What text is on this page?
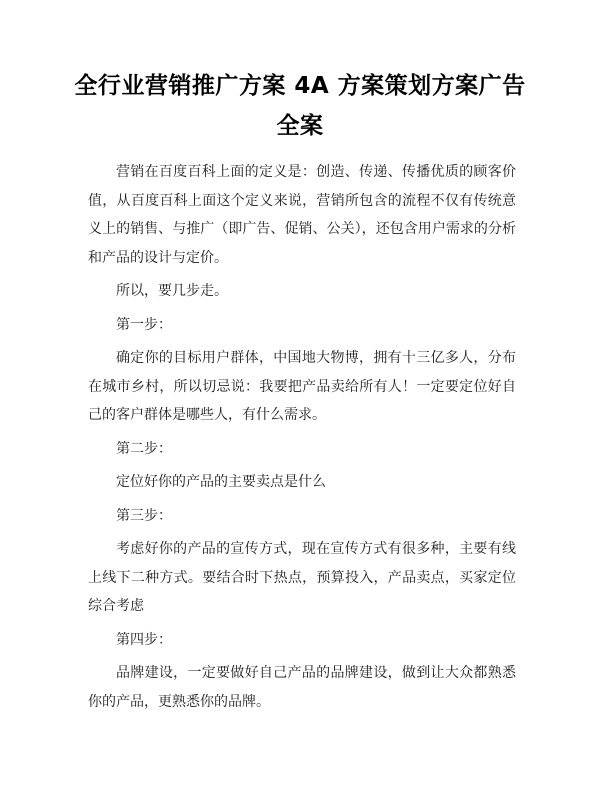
全行业营销推广方案 4A 方案策划方案广告全案

营销在百度百科上面的定义是：创造、传递、传播优质的顾客价值，从百度百科上面这个定义来说，营销所包含的流程不仅有传统意义上的销售、与推广（即广告、促销、公关），还包含用户需求的分析和产品的设计与定价。

所以，要几步走。

第一步：

确定你的目标用户群体，中国地大物博，拥有十三亿多人，分布在城市乡村，所以切忌说：我要把产品卖给所有人！一定要定位好自己的客户群体是哪些人，有什么需求。

第二步：

定位好你的产品的主要卖点是什么

第三步：

考虑好你的产品的宣传方式，现在宣传方式有很多种，主要有线上线下二种方式。要结合时下热点，预算投入，产品卖点，买家定位综合考虑

第四步：

品牌建设，一定要做好自己产品的品牌建设，做到让大众都熟悉你的产品，更熟悉你的品牌。
